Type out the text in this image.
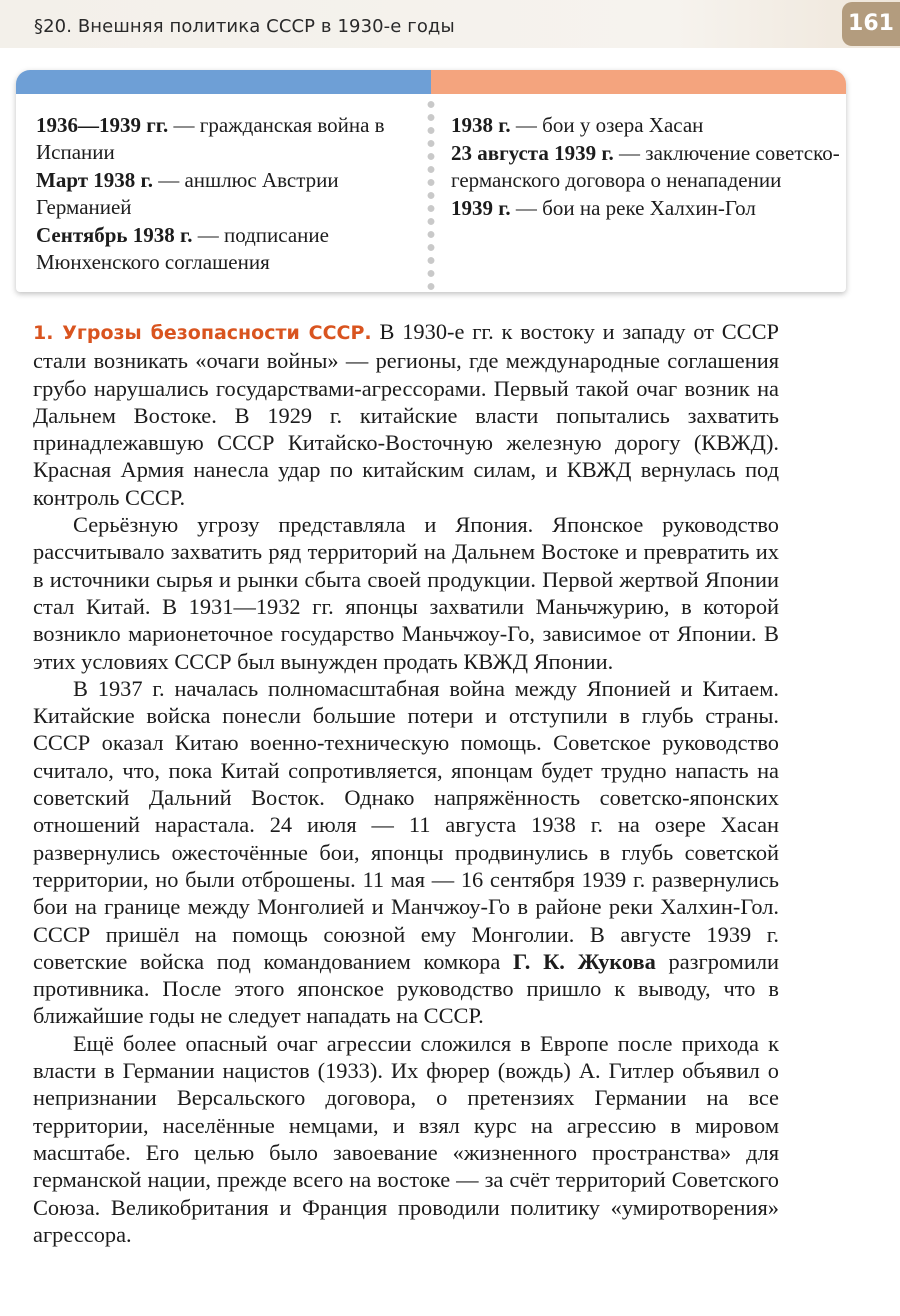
§20. Внешняя политика СССР в 1930-е годы	161
1936—1939 гг. — гражданская война в Испании
Март 1938 г. — аншлюс Австрии Германией
Сентябрь 1938 г. — подписание Мюнхенского соглашения
1938 г. — бои у озера Хасан
23 августа 1939 г. — заключение советско-германского договора о ненападении
1939 г. — бои на реке Халхин-Гол

1. Угрозы безопасности СССР. В 1930-е гг. к востоку и западу от СССР стали возникать «очаги войны» — регионы, где международные соглашения грубо нарушались государствами-агрессорами. Первый такой очаг возник на Дальнем Востоке. В 1929 г. китайские власти попытались захватить принадлежавшую СССР Китайско-Восточную железную дорогу (КВЖД). Красная Армия нанесла удар по китайским силам, и КВЖД вернулась под контроль СССР.

Серьёзную угрозу представляла и Япония. Японское руководство рассчитывало захватить ряд территорий на Дальнем Востоке и превратить их в источники сырья и рынки сбыта своей продукции. Первой жертвой Японии стал Китай. В 1931—1932 гг. японцы захватили Маньчжурию, в которой возникло марионеточное государство Маньчжоу-Го, зависимое от Японии. В этих условиях СССР был вынужден продать КВЖД Японии.

В 1937 г. началась полномасштабная война между Японией и Китаем. Китайские войска понесли большие потери и отступили в глубь страны. СССР оказал Китаю военно-техническую помощь. Советское руководство считало, что, пока Китай сопротивляется, японцам будет трудно напасть на советский Дальний Восток. Однако напряжённость советско-японских отношений нарастала. 24 июля — 11 августа 1938 г. на озере Хасан развернулись ожесточённые бои, японцы продвинулись в глубь советской территории, но были отброшены. 11 мая — 16 сентября 1939 г. развернулись бои на границе между Монголией и Манчжоу-Го в районе реки Халхин-Гол. СССР пришёл на помощь союзной ему Монголии. В августе 1939 г. советские войска под командованием комкора Г. К. Жукова разгромили противника. После этого японское руководство пришло к выводу, что в ближайшие годы не следует нападать на СССР.

Ещё более опасный очаг агрессии сложился в Европе после прихода к власти в Германии нацистов (1933). Их фюрер (вождь) А. Гитлер объявил о непризнании Версальского договора, о претензиях Германии на все территории, населённые немцами, и взял курс на агрессию в мировом масштабе. Его целью было завоевание «жизненного пространства» для германской нации, прежде всего на востоке — за счёт территорий Советского Союза. Великобритания и Франция проводили политику «умиротворения» агрессора.
